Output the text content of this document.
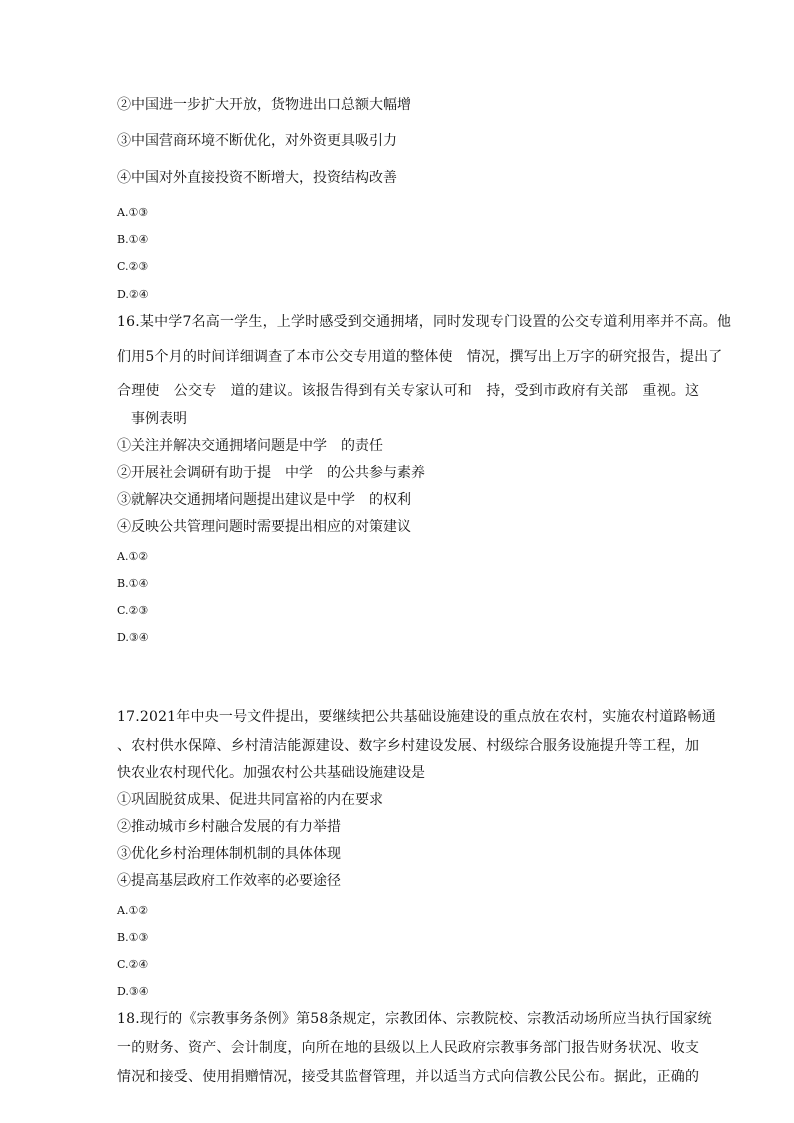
②中国进一步扩大开放，货物进出口总额大幅增
③中国营商环境不断优化，对外资更具吸引力
④中国对外直接投资不断增大，投资结构改善
A.①③
B.①④
C.②③
D.②④
16.某中学7名高一学生，上学时感受到交通拥堵，同时发现专门设置的公交专道利用率并不高。他
们用5个月的时间详细调查了本市公交专用道的整体使　情况，撰写出上万字的研究报告，提出了
合理使　公交专　道的建议。该报告得到有关专家认可和　持，受到市政府有关部　重视。这
　事例表明
①关注并解决交通拥堵问题是中学　的责任
②开展社会调研有助于提　中学　的公共参与素养
③就解决交通拥堵问题提出建议是中学　的权利
④反映公共管理问题时需要提出相应的对策建议
A.①②
B.①④
C.②③
D.③④
17.2021年中央一号文件提出，要继续把公共基础设施建设的重点放在农村，实施农村道路畅通
、农村供水保障、乡村清洁能源建设、数字乡村建设发展、村级综合服务设施提升等工程，加
快农业农村现代化。加强农村公共基础设施建设是
①巩固脱贫成果、促进共同富裕的内在要求
②推动城市乡村融合发展的有力举措
③优化乡村治理体制机制的具体体现
④提高基层政府工作效率的必要途径
A.①②
B.①③
C.②④
D.③④
18.现行的《宗教事务条例》第58条规定，宗教团体、宗教院校、宗教活动场所应当执行国家统
一的财务、资产、会计制度，向所在地的县级以上人民政府宗教事务部门报告财务状况、收支
情况和接受、使用捐赠情况，接受其监督管理，并以适当方式向信教公民公布。据此，正确的
